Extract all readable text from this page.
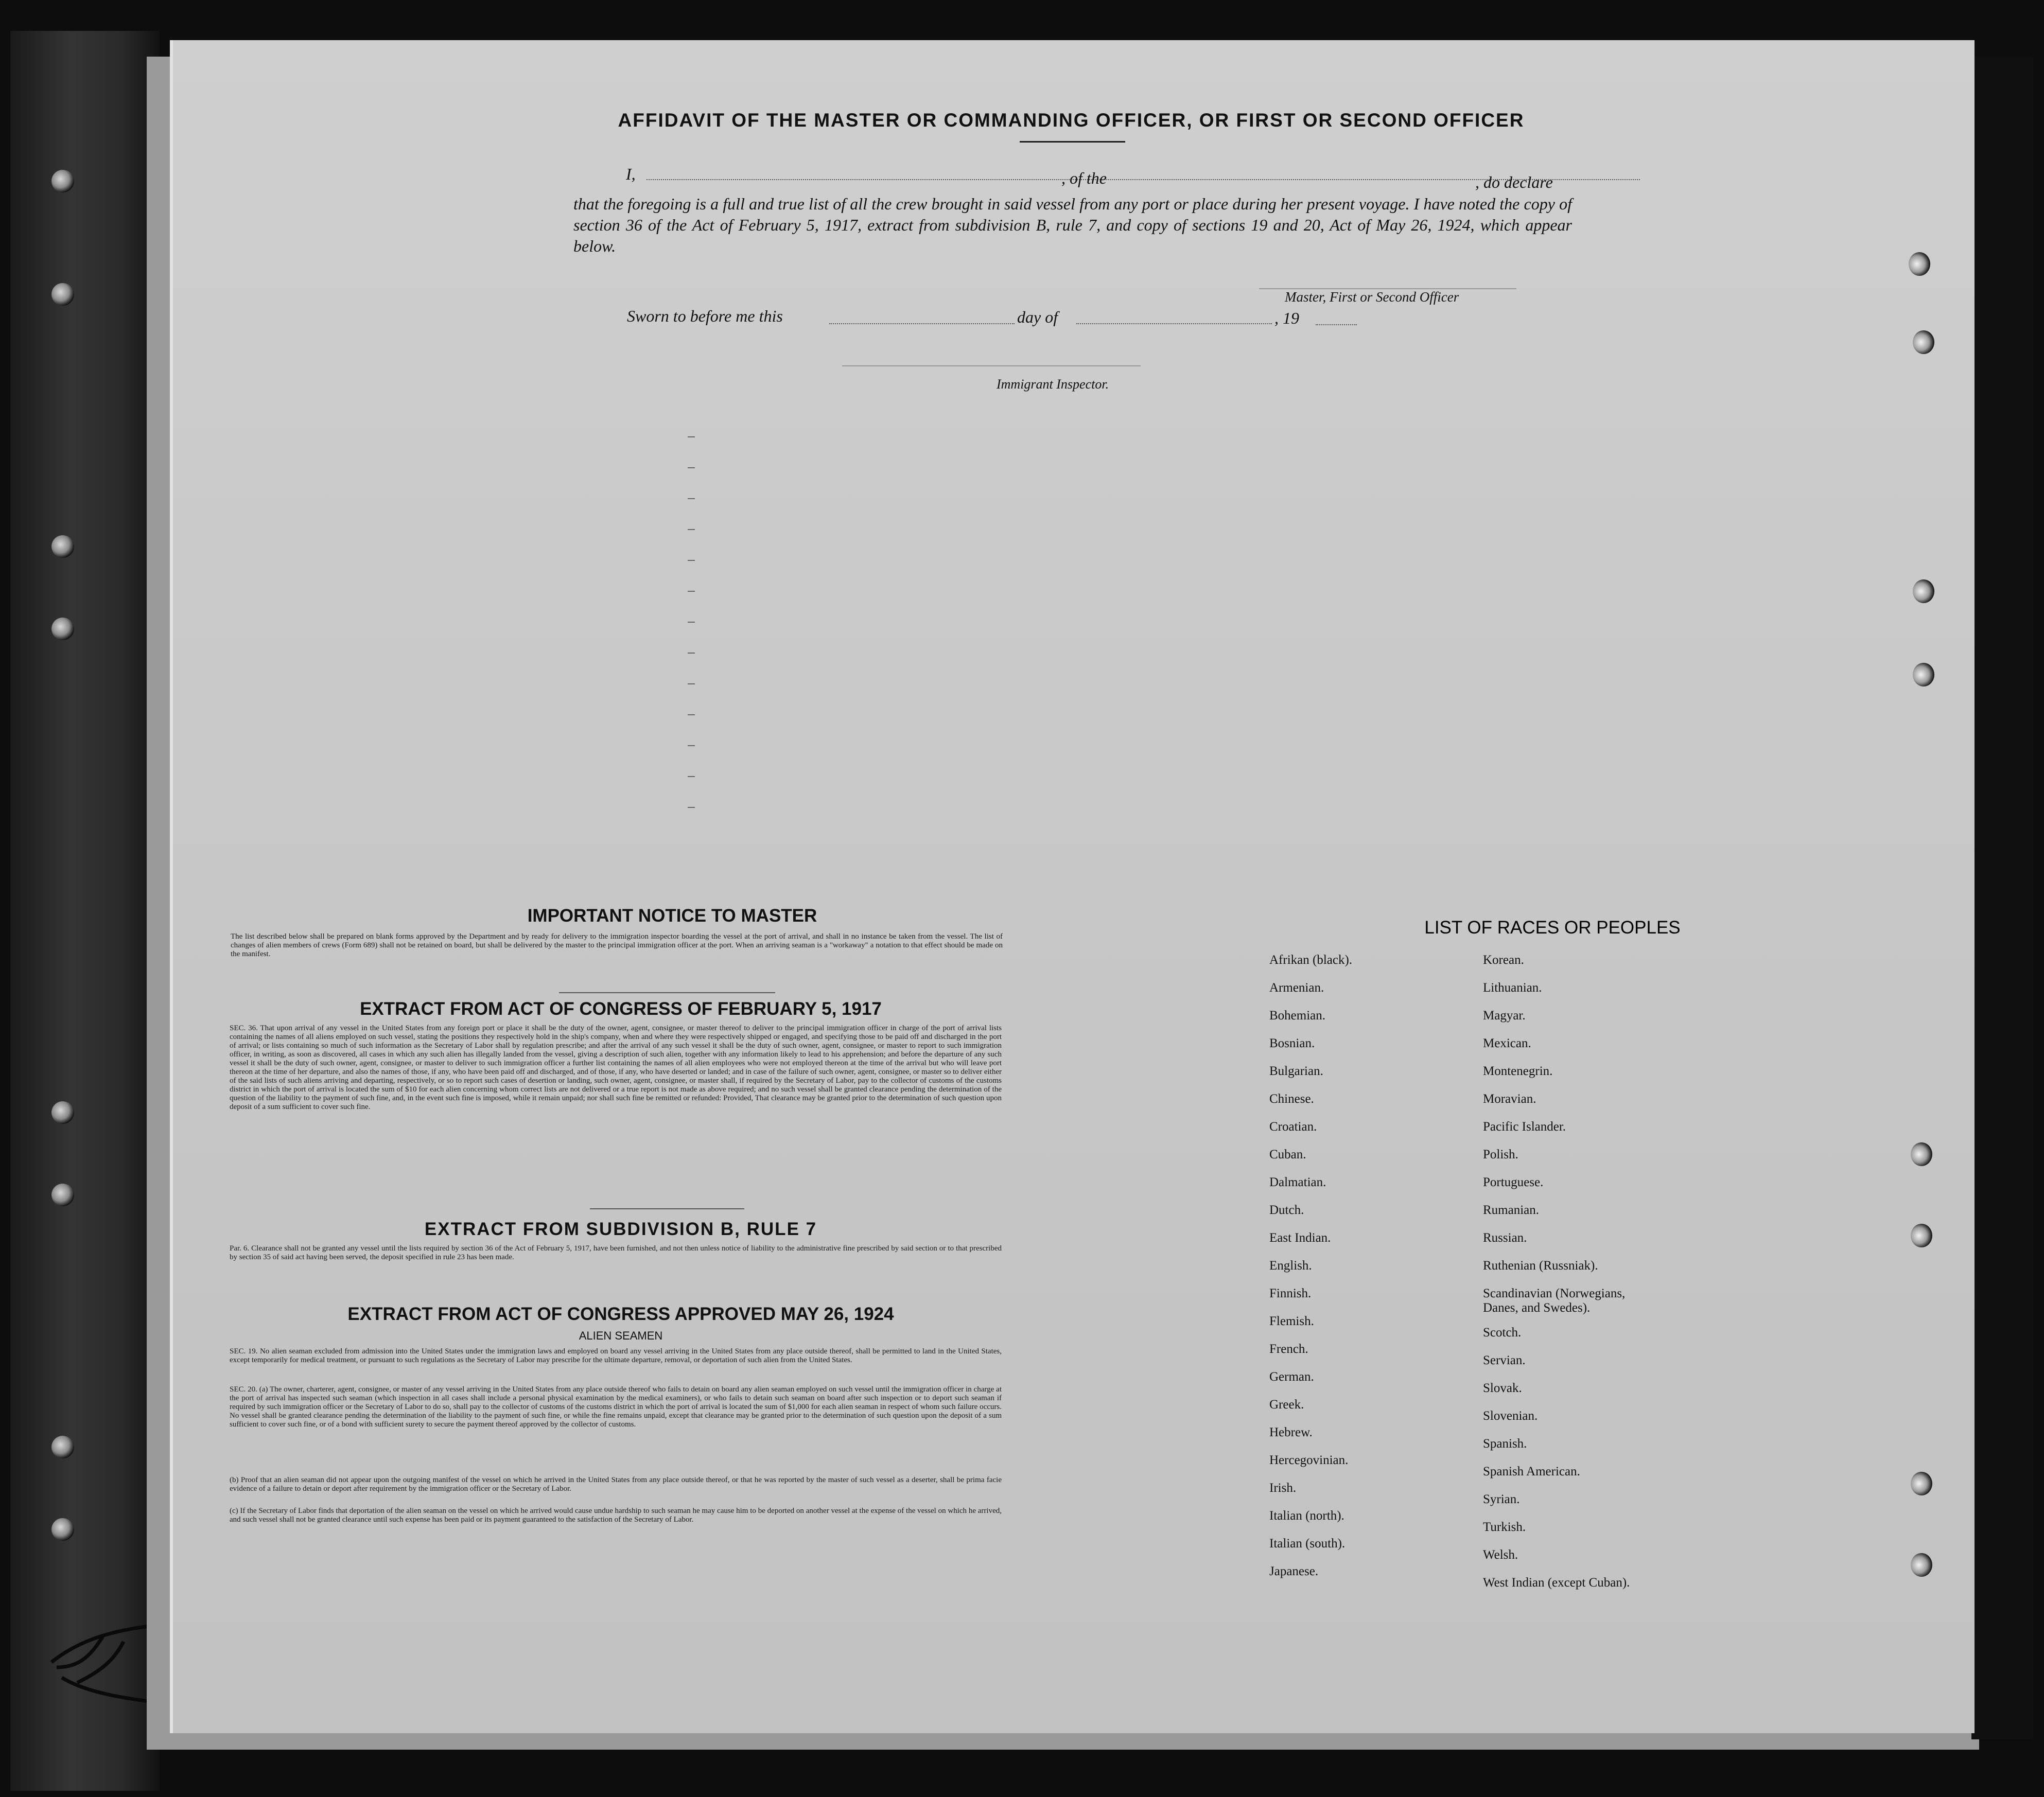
AFFIDAVIT OF THE MASTER OR COMMANDING OFFICER, OR FIRST OR SECOND OFFICER
I,	, of the	, do declare

that the foregoing is a full and true list of all the crew brought in said vessel from any port or place during her present voyage. I have noted the copy of section 36 of the Act of February 5, 1917, extract from subdivision B, rule 7, and copy of sections 19 and 20, Act of May 26, 1924, which appear below.

Master, First or Second Officer
Sworn to before me this	day of	, 19
Immigrant Inspector.
IMPORTANT NOTICE TO MASTER

The list described below shall be prepared on blank forms approved by the Department and by ready for delivery to the immigration inspector boarding the vessel at the port of arrival, and shall in no instance be taken from the vessel. The list of changes of alien members of crews (Form 689) shall not be retained on board, but shall be delivered by the master to the principal immigration officer at the port. When an arriving seaman is a "workaway" a notation to that effect should be made on the manifest.

EXTRACT FROM ACT OF CONGRESS OF FEBRUARY 5, 1917

SEC. 36. That upon arrival of any vessel in the United States from any foreign port or place it shall be the duty of the owner, agent, consignee, or master thereof to deliver to the principal immigration officer in charge of the port of arrival lists containing the names of all aliens employed on such vessel, stating the positions they respectively hold in the ship's company, when and where they were respectively shipped or engaged, and specifying those to be paid off and discharged in the port of arrival; or lists containing so much of such information as the Secretary of Labor shall by regulation prescribe; and after the arrival of any such vessel it shall be the duty of such owner, agent, consignee, or master to report to such immigration officer, in writing, as soon as discovered, all cases in which any such alien has illegally landed from the vessel, giving a description of such alien, together with any information likely to lead to his apprehension; and before the departure of any such vessel it shall be the duty of such owner, agent, consignee, or master to deliver to such immigration officer a further list containing the names of all alien employees who were not employed thereon at the time of the arrival but who will leave port thereon at the time of her departure, and also the names of those, if any, who have been paid off and discharged, and of those, if any, who have deserted or landed; and in case of the failure of such owner, agent, consignee, or master so to deliver either of the said lists of such aliens arriving and departing, respectively, or so to report such cases of desertion or landing, such owner, agent, consignee, or master shall, if required by the Secretary of Labor, pay to the collector of customs of the customs district in which the port of arrival is located the sum of $10 for each alien concerning whom correct lists are not delivered or a true report is not made as above required; and no such vessel shall be granted clearance pending the determination of the question of the liability to the payment of such fine, and, in the event such fine is imposed, while it remain unpaid; nor shall such fine be remitted or refunded: Provided, That clearance may be granted prior to the determination of such question upon deposit of a sum sufficient to cover such fine.

EXTRACT FROM SUBDIVISION B, RULE 7

Par. 6. Clearance shall not be granted any vessel until the lists required by section 36 of the Act of February 5, 1917, have been furnished, and not then unless notice of liability to the administrative fine prescribed by said section or to that prescribed by section 35 of said act having been served, the deposit specified in rule 23 has been made.

EXTRACT FROM ACT OF CONGRESS APPROVED MAY 26, 1924
ALIEN SEAMEN

SEC. 19. No alien seaman excluded from admission into the United States under the immigration laws and employed on board any vessel arriving in the United States from any place outside thereof, shall be permitted to land in the United States, except temporarily for medical treatment, or pursuant to such regulations as the Secretary of Labor may prescribe for the ultimate departure, removal, or deportation of such alien from the United States.

SEC. 20. (a) The owner, charterer, agent, consignee, or master of any vessel arriving in the United States from any place outside thereof who fails to detain on board any alien seaman employed on such vessel until the immigration officer in charge at the port of arrival has inspected such seaman (which inspection in all cases shall include a personal physical examination by the medical examiners), or who fails to detain such seaman on board after such inspection or to deport such seaman if required by such immigration officer or the Secretary of Labor to do so, shall pay to the collector of customs of the customs district in which the port of arrival is located the sum of $1,000 for each alien seaman in respect of whom such failure occurs. No vessel shall be granted clearance pending the determination of the liability to the payment of such fine, or while the fine remains unpaid, except that clearance may be granted prior to the determination of such question upon the deposit of a sum sufficient to cover such fine, or of a bond with sufficient surety to secure the payment thereof approved by the collector of customs.

(b) Proof that an alien seaman did not appear upon the outgoing manifest of the vessel on which he arrived in the United States from any place outside thereof, or that he was reported by the master of such vessel as a deserter, shall be prima facie evidence of a failure to detain or deport after requirement by the immigration officer or the Secretary of Labor.

(c) If the Secretary of Labor finds that deportation of the alien seaman on the vessel on which he arrived would cause undue hardship to such seaman he may cause him to be deported on another vessel at the expense of the vessel on which he arrived, and such vessel shall not be granted clearance until such expense has been paid or its payment guaranteed to the satisfaction of the Secretary of Labor.

LIST OF RACES OR PEOPLES
Afrikan (black).
Armenian.
Bohemian.
Bosnian.
Bulgarian.
Chinese.
Croatian.
Cuban.
Dalmatian.
Dutch.
East Indian.
English.
Finnish.
Flemish.
French.
German.
Greek.
Hebrew.
Hercegovinian.
Irish.
Italian (north).
Italian (south).
Japanese.
Korean.
Lithuanian.
Magyar.
Mexican.
Montenegrin.
Moravian.
Pacific Islander.
Polish.
Portuguese.
Rumanian.
Russian.
Ruthenian (Russniak).
Scandinavian (Norwegians,
Danes, and Swedes).
Scotch.
Servian.
Slovak.
Slovenian.
Spanish.
Spanish American.
Syrian.
Turkish.
Welsh.
West Indian (except Cuban).
